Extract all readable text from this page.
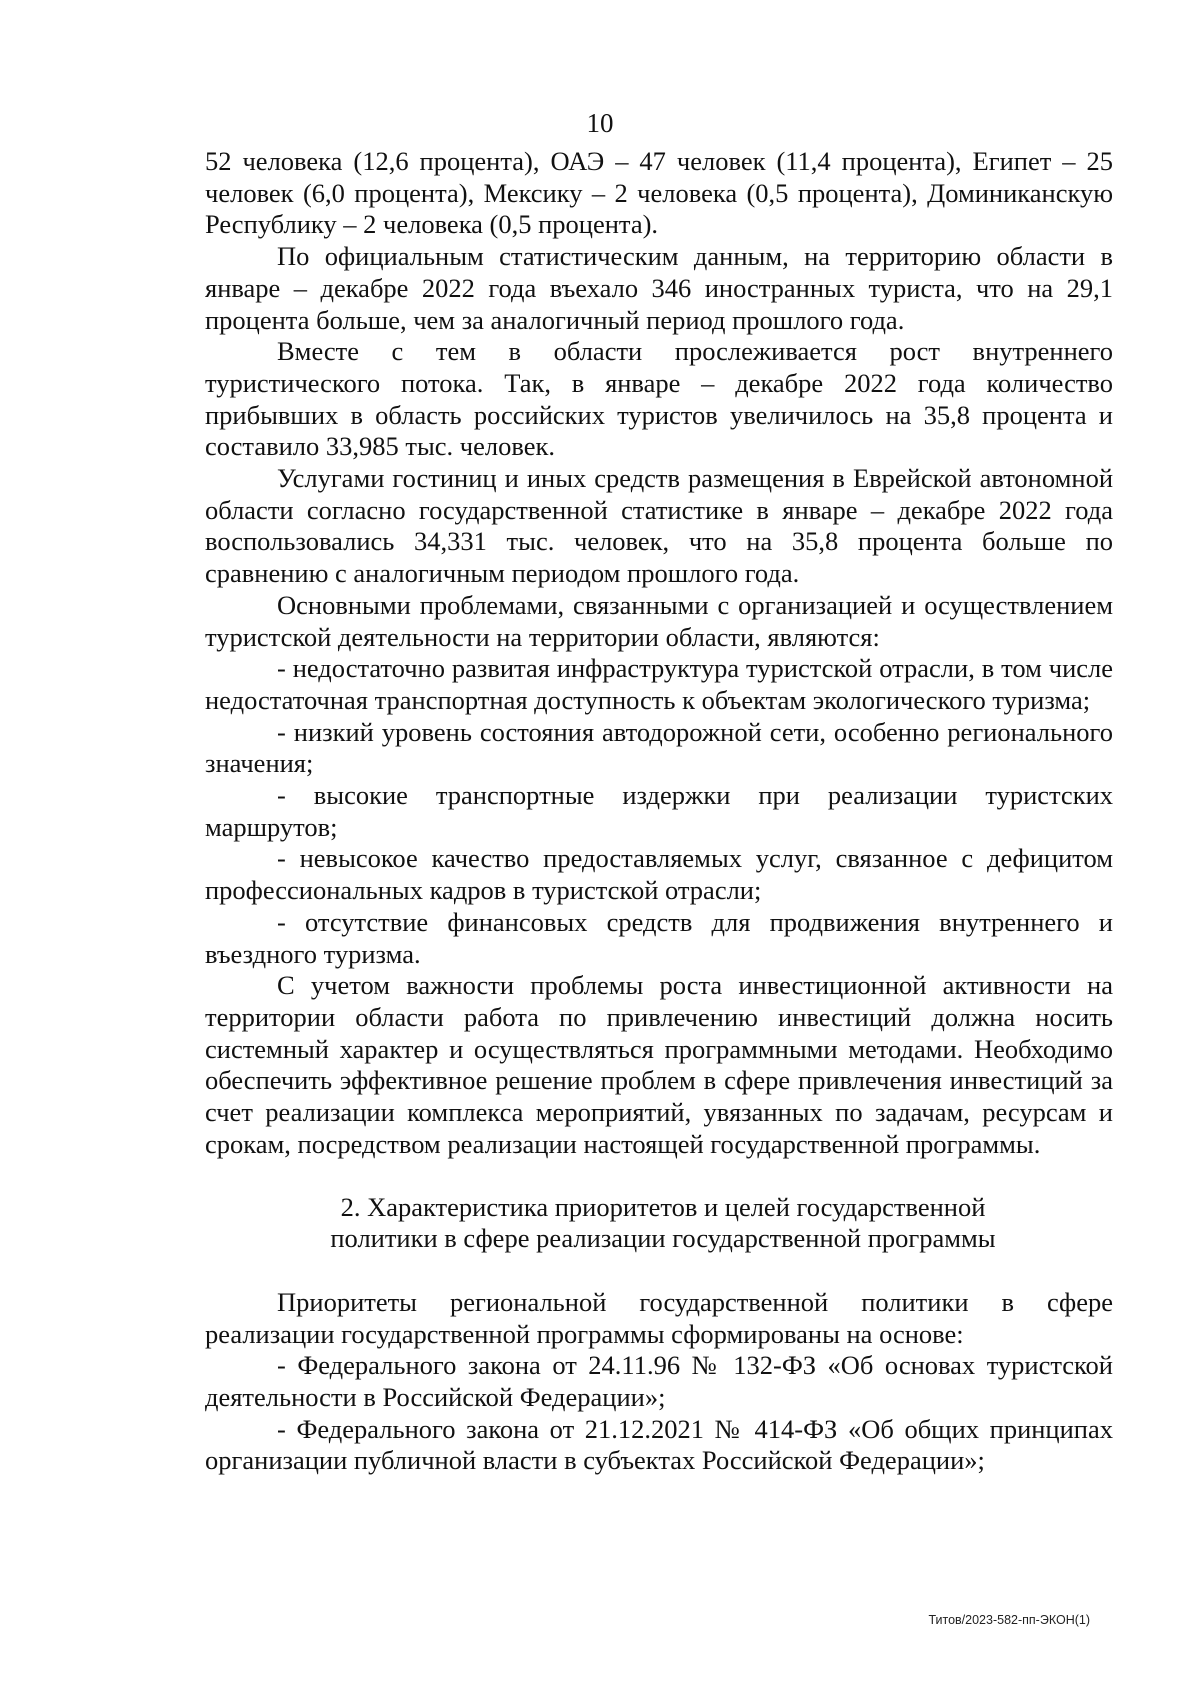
10

52 человека (12,6 процента), ОАЭ – 47 человек (11,4 процента), Египет – 25 человек (6,0 процента), Мексику – 2 человека (0,5 процента), Доминиканскую Республику – 2 человека (0,5 процента).

По официальным статистическим данным, на территорию области в январе – декабре 2022 года въехало 346 иностранных туриста, что на 29,1 процента больше, чем за аналогичный период прошлого года.

Вместе с тем в области прослеживается рост внутреннего туристического потока. Так, в январе – декабре 2022 года количество прибывших в область российских туристов увеличилось на 35,8 процента и составило 33,985 тыс. человек.

Услугами гостиниц и иных средств размещения в Еврейской автономной области согласно государственной статистике в январе – декабре 2022 года воспользовались 34,331 тыс. человек, что на 35,8 процента больше по сравнению с аналогичным периодом прошлого года.

Основными проблемами, связанными с организацией и осуществлением туристской деятельности на территории области, являются:

- недостаточно развитая инфраструктура туристской отрасли, в том числе недостаточная транспортная доступность к объектам экологического туризма;

- низкий уровень состояния автодорожной сети, особенно регионального значения;

- высокие транспортные издержки при реализации туристских маршрутов;

- невысокое качество предоставляемых услуг, связанное с дефицитом профессиональных кадров в туристской отрасли;

- отсутствие финансовых средств для продвижения внутреннего и въездного туризма.

С учетом важности проблемы роста инвестиционной активности на территории области работа по привлечению инвестиций должна носить системный характер и осуществляться программными методами. Необходимо обеспечить эффективное решение проблем в сфере привлечения инвестиций за счет реализации комплекса мероприятий, увязанных по задачам, ресурсам и срокам, посредством реализации настоящей государственной программы.

2. Характеристика приоритетов и целей государственной
политики в сфере реализации государственной программы

Приоритеты региональной государственной политики в сфере реализации государственной программы сформированы на основе:

- Федерального закона от 24.11.96 № 132-ФЗ «Об основах туристской деятельности в Российской Федерации»;

- Федерального закона от 21.12.2021 № 414-ФЗ «Об общих принципах организации публичной власти в субъектах Российской Федерации»;

Титов/2023-582-пп-ЭКОН(1)
